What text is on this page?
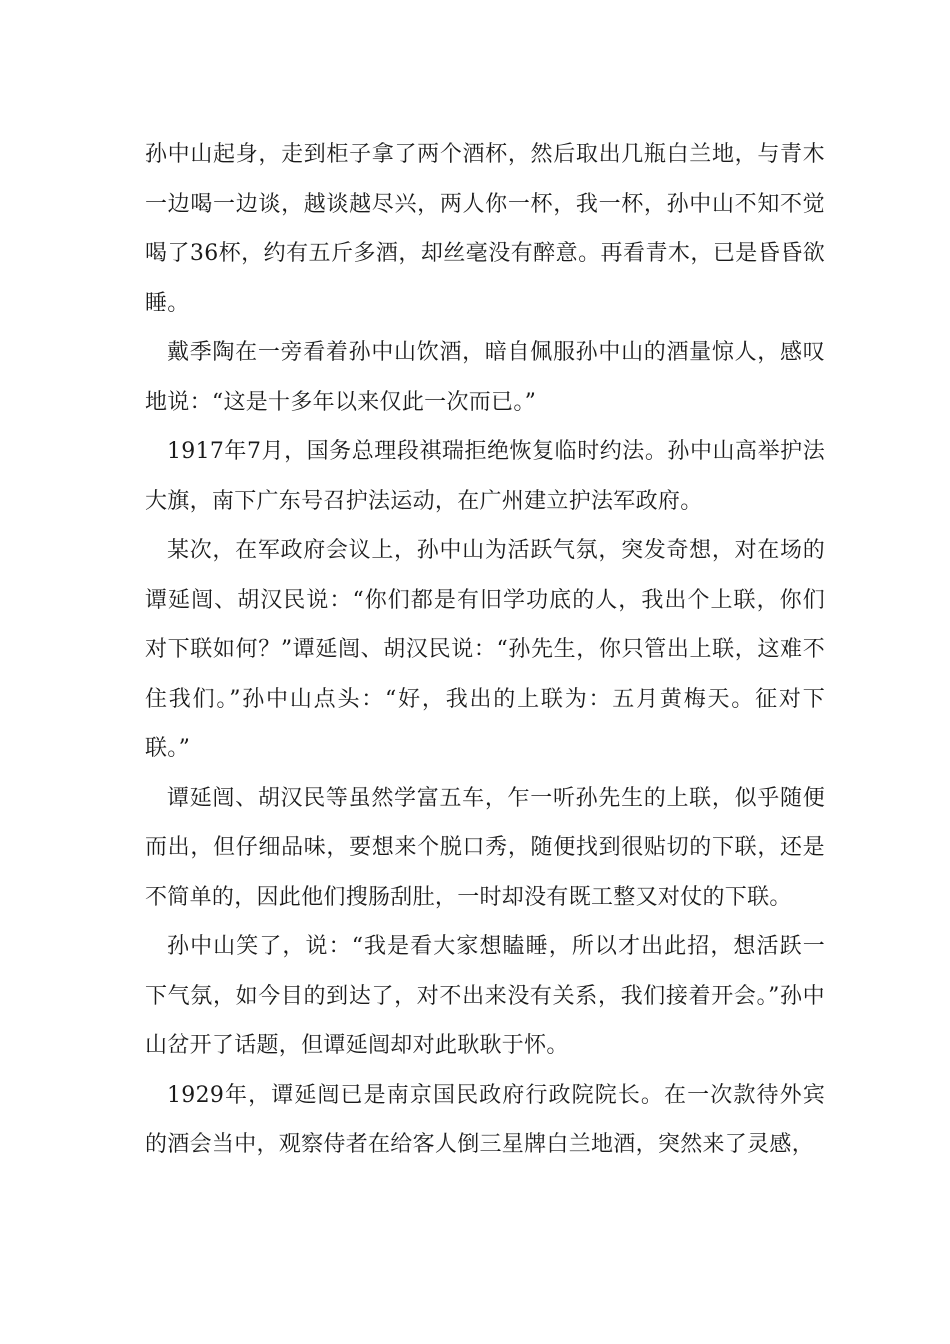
孙中山起身，走到柜子拿了两个酒杯，然后取出几瓶白兰地，与青木一边喝一边谈，越谈越尽兴，两人你一杯，我一杯，孙中山不知不觉喝了36杯，约有五斤多酒，却丝毫没有醉意。再看青木，已是昏昏欲睡。

戴季陶在一旁看着孙中山饮酒，暗自佩服孙中山的酒量惊人，感叹地说：“这是十多年以来仅此一次而已。”

1917年7月，国务总理段祺瑞拒绝恢复临时约法。孙中山高举护法大旗，南下广东号召护法运动，在广州建立护法军政府。

某次，在军政府会议上，孙中山为活跃气氛，突发奇想，对在场的谭延闿、胡汉民说：“你们都是有旧学功底的人，我出个上联，你们对下联如何？”谭延闿、胡汉民说：“孙先生，你只管出上联，这难不住我们。”孙中山点头：“好，我出的上联为：五月黄梅天。征对下联。”

谭延闿、胡汉民等虽然学富五车，乍一听孙先生的上联，似乎随便而出，但仔细品味，要想来个脱口秀，随便找到很贴切的下联，还是不简单的，因此他们搜肠刮肚，一时却没有既工整又对仗的下联。

孙中山笑了，说：“我是看大家想瞌睡，所以才出此招，想活跃一下气氛，如今目的到达了，对不出来没有关系，我们接着开会。”孙中山岔开了话题，但谭延闿却对此耿耿于怀。

1929年，谭延闿已是南京国民政府行政院院长。在一次款待外宾的酒会当中，观察侍者在给客人倒三星牌白兰地酒，突然来了灵感，
